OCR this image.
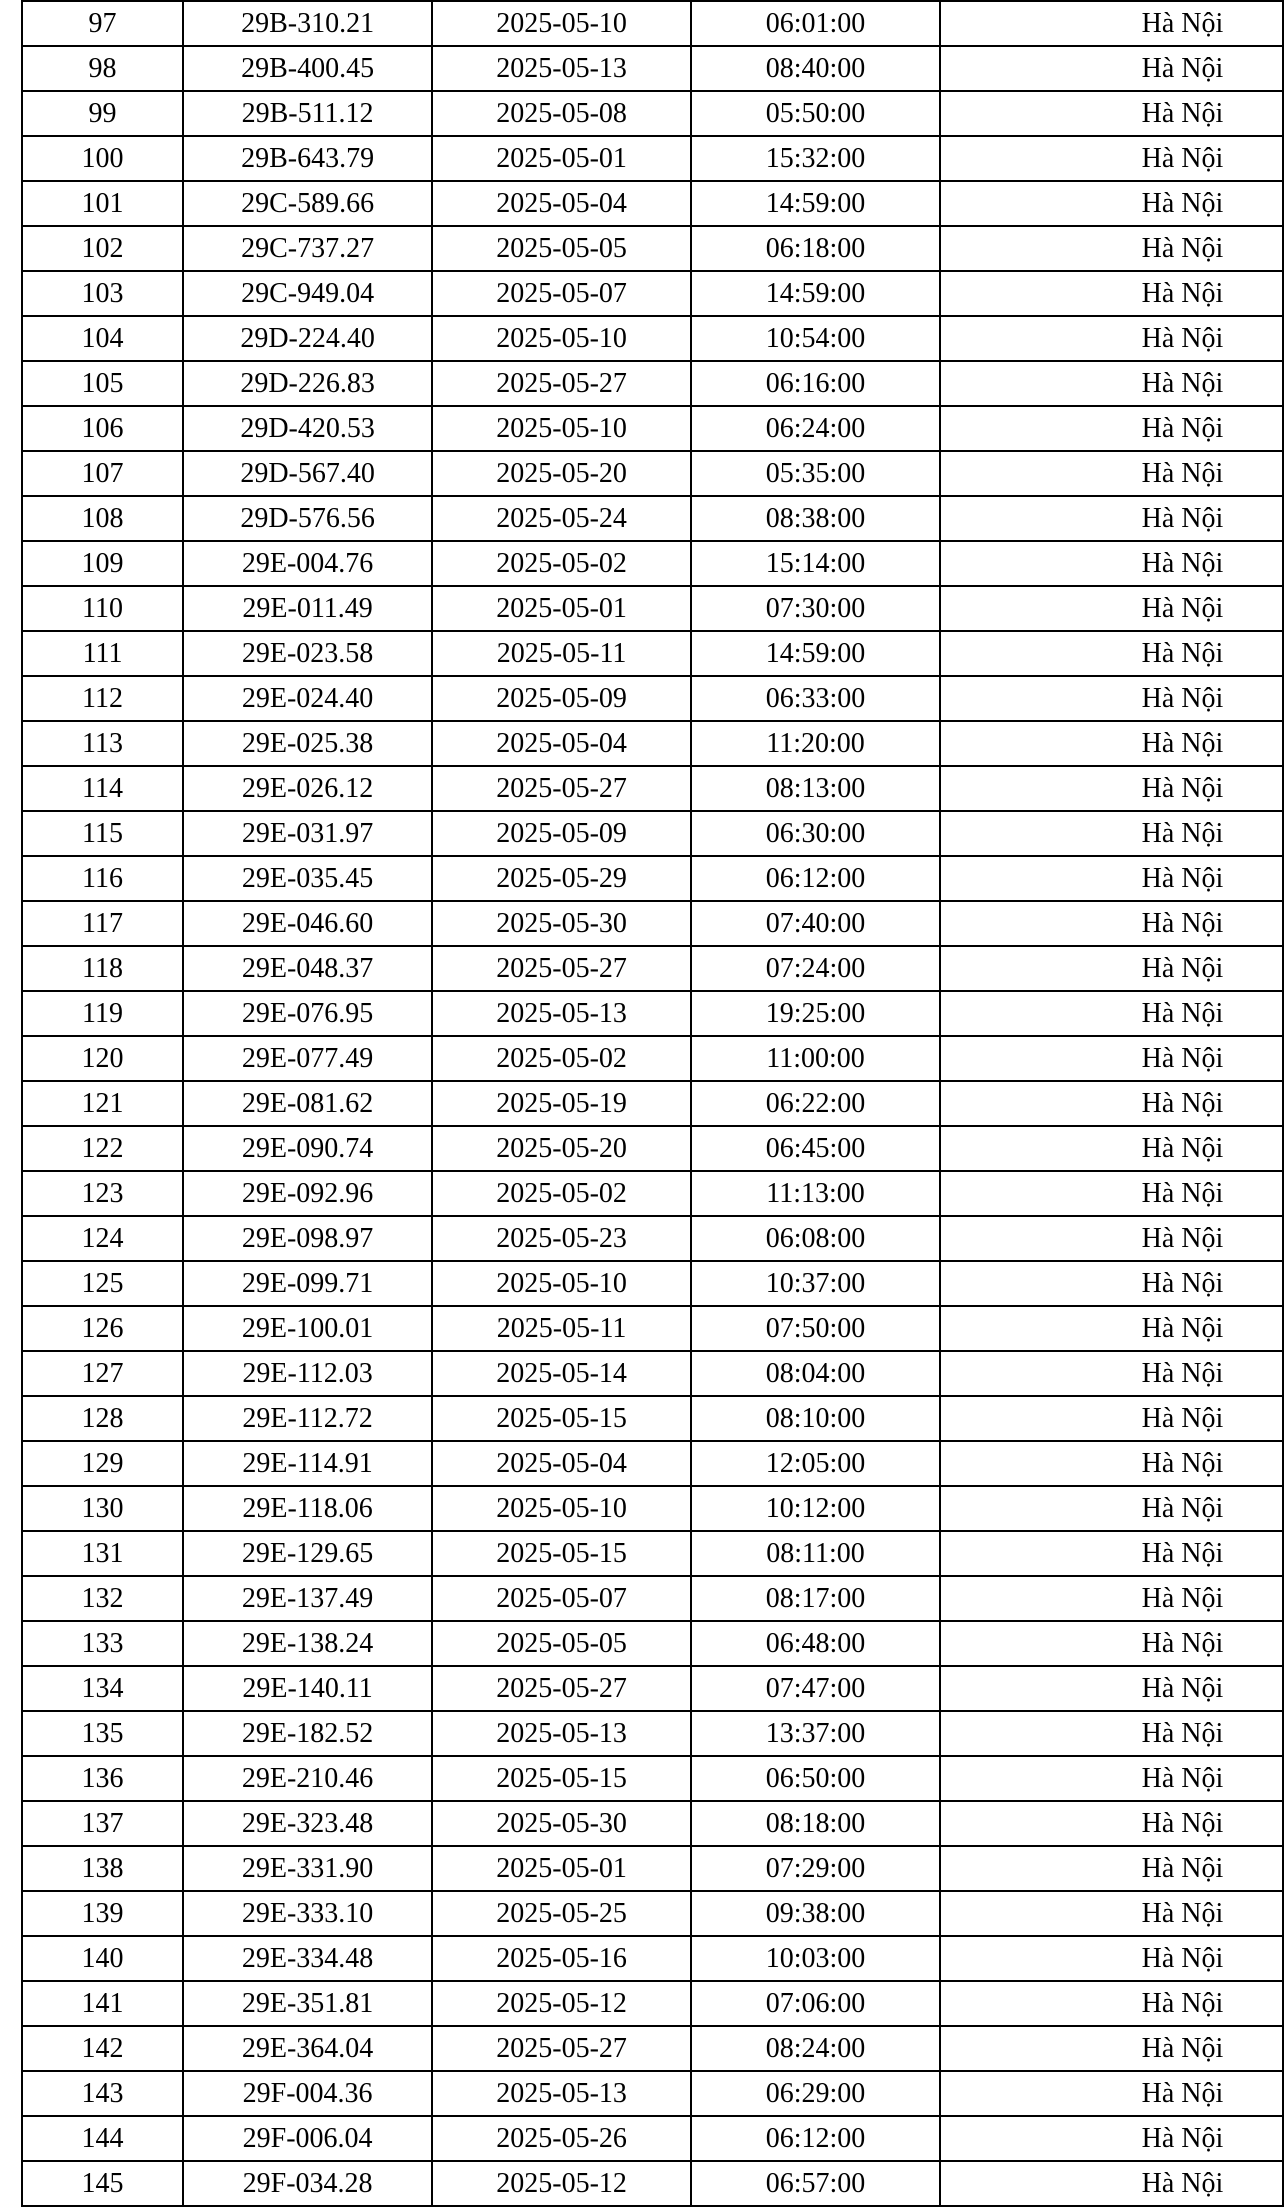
97	29B-310.21	2025-05-10	06:01:00	Hà Nội
98	29B-400.45	2025-05-13	08:40:00	Hà Nội
99	29B-511.12	2025-05-08	05:50:00	Hà Nội
100	29B-643.79	2025-05-01	15:32:00	Hà Nội
101	29C-589.66	2025-05-04	14:59:00	Hà Nội
102	29C-737.27	2025-05-05	06:18:00	Hà Nội
103	29C-949.04	2025-05-07	14:59:00	Hà Nội
104	29D-224.40	2025-05-10	10:54:00	Hà Nội
105	29D-226.83	2025-05-27	06:16:00	Hà Nội
106	29D-420.53	2025-05-10	06:24:00	Hà Nội
107	29D-567.40	2025-05-20	05:35:00	Hà Nội
108	29D-576.56	2025-05-24	08:38:00	Hà Nội
109	29E-004.76	2025-05-02	15:14:00	Hà Nội
110	29E-011.49	2025-05-01	07:30:00	Hà Nội
111	29E-023.58	2025-05-11	14:59:00	Hà Nội
112	29E-024.40	2025-05-09	06:33:00	Hà Nội
113	29E-025.38	2025-05-04	11:20:00	Hà Nội
114	29E-026.12	2025-05-27	08:13:00	Hà Nội
115	29E-031.97	2025-05-09	06:30:00	Hà Nội
116	29E-035.45	2025-05-29	06:12:00	Hà Nội
117	29E-046.60	2025-05-30	07:40:00	Hà Nội
118	29E-048.37	2025-05-27	07:24:00	Hà Nội
119	29E-076.95	2025-05-13	19:25:00	Hà Nội
120	29E-077.49	2025-05-02	11:00:00	Hà Nội
121	29E-081.62	2025-05-19	06:22:00	Hà Nội
122	29E-090.74	2025-05-20	06:45:00	Hà Nội
123	29E-092.96	2025-05-02	11:13:00	Hà Nội
124	29E-098.97	2025-05-23	06:08:00	Hà Nội
125	29E-099.71	2025-05-10	10:37:00	Hà Nội
126	29E-100.01	2025-05-11	07:50:00	Hà Nội
127	29E-112.03	2025-05-14	08:04:00	Hà Nội
128	29E-112.72	2025-05-15	08:10:00	Hà Nội
129	29E-114.91	2025-05-04	12:05:00	Hà Nội
130	29E-118.06	2025-05-10	10:12:00	Hà Nội
131	29E-129.65	2025-05-15	08:11:00	Hà Nội
132	29E-137.49	2025-05-07	08:17:00	Hà Nội
133	29E-138.24	2025-05-05	06:48:00	Hà Nội
134	29E-140.11	2025-05-27	07:47:00	Hà Nội
135	29E-182.52	2025-05-13	13:37:00	Hà Nội
136	29E-210.46	2025-05-15	06:50:00	Hà Nội
137	29E-323.48	2025-05-30	08:18:00	Hà Nội
138	29E-331.90	2025-05-01	07:29:00	Hà Nội
139	29E-333.10	2025-05-25	09:38:00	Hà Nội
140	29E-334.48	2025-05-16	10:03:00	Hà Nội
141	29E-351.81	2025-05-12	07:06:00	Hà Nội
142	29E-364.04	2025-05-27	08:24:00	Hà Nội
143	29F-004.36	2025-05-13	06:29:00	Hà Nội
144	29F-006.04	2025-05-26	06:12:00	Hà Nội
145	29F-034.28	2025-05-12	06:57:00	Hà Nội
